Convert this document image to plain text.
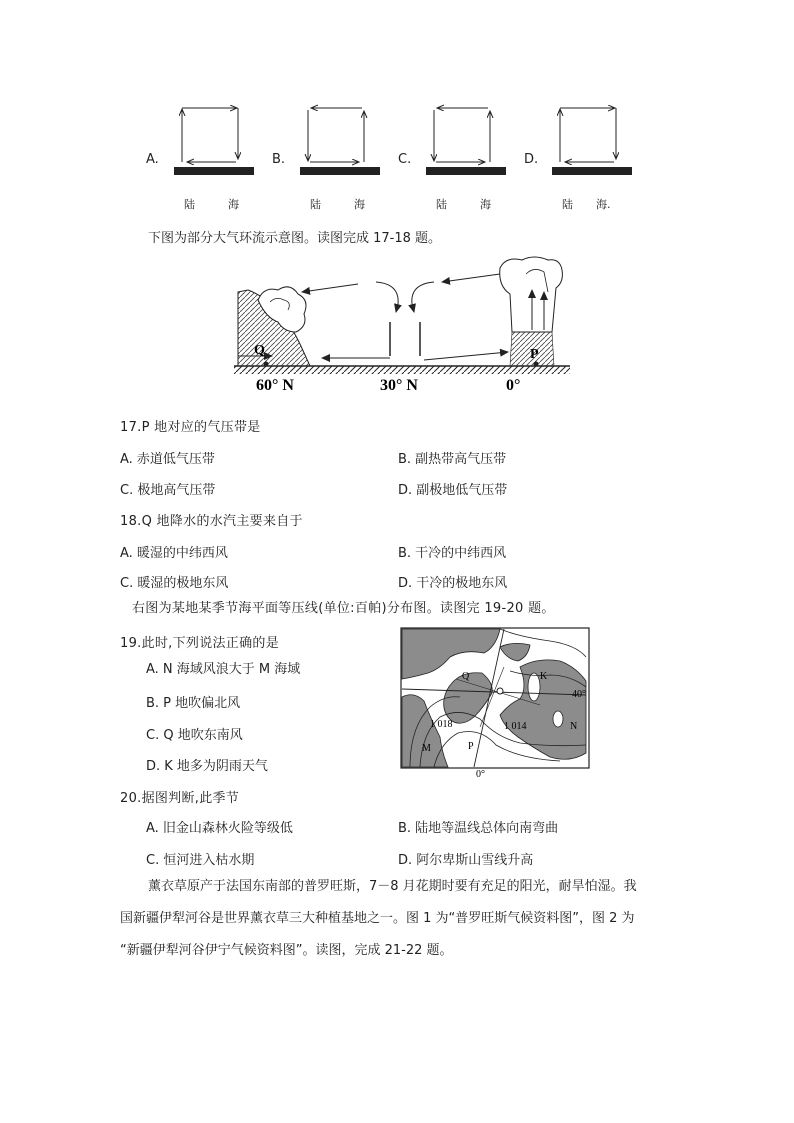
A.
陆	海
B.
陆	海
C.
陆	海
D.
陆 海.
下图为部分大气环流示意图。读图完成 17-18 题。
Q	P
60° N	30° N	0°
17.P 地对应的气压带是
A. 赤道低气压带	B. 副热带高气压带
C. 极地高气压带	D. 副极地低气压带
18.Q 地降水的水汽主要来自于
A. 暖湿的中纬西风	B. 干冷的中纬西风
C. 暖湿的极地东风	D. 干冷的极地东风
右图为某地某季节海平面等压线(单位:百帕)分布图。读图完 19-20 题。
19.此时,下列说法正确的是
A. N 海域风浪大于 M 海域
B. P 地吹偏北风
C. Q 地吹东南风
D. K 地多为阴雨天气
Q	K
1 018	1 014
M	P
N
40°
0°
20.据图判断,此季节
A. 旧金山森林火险等级低	B. 陆地等温线总体向南弯曲
C. 恒河进入枯水期	D. 阿尔卑斯山雪线升高
薰衣草原产于法国东南部的普罗旺斯，7－8 月花期时要有充足的阳光，耐旱怕湿。我
国新疆伊犁河谷是世界薰衣草三大种植基地之一。图 1 为“普罗旺斯气候资料图”，图 2 为
“新疆伊犁河谷伊宁气候资料图”。读图，完成 21-22 题。
